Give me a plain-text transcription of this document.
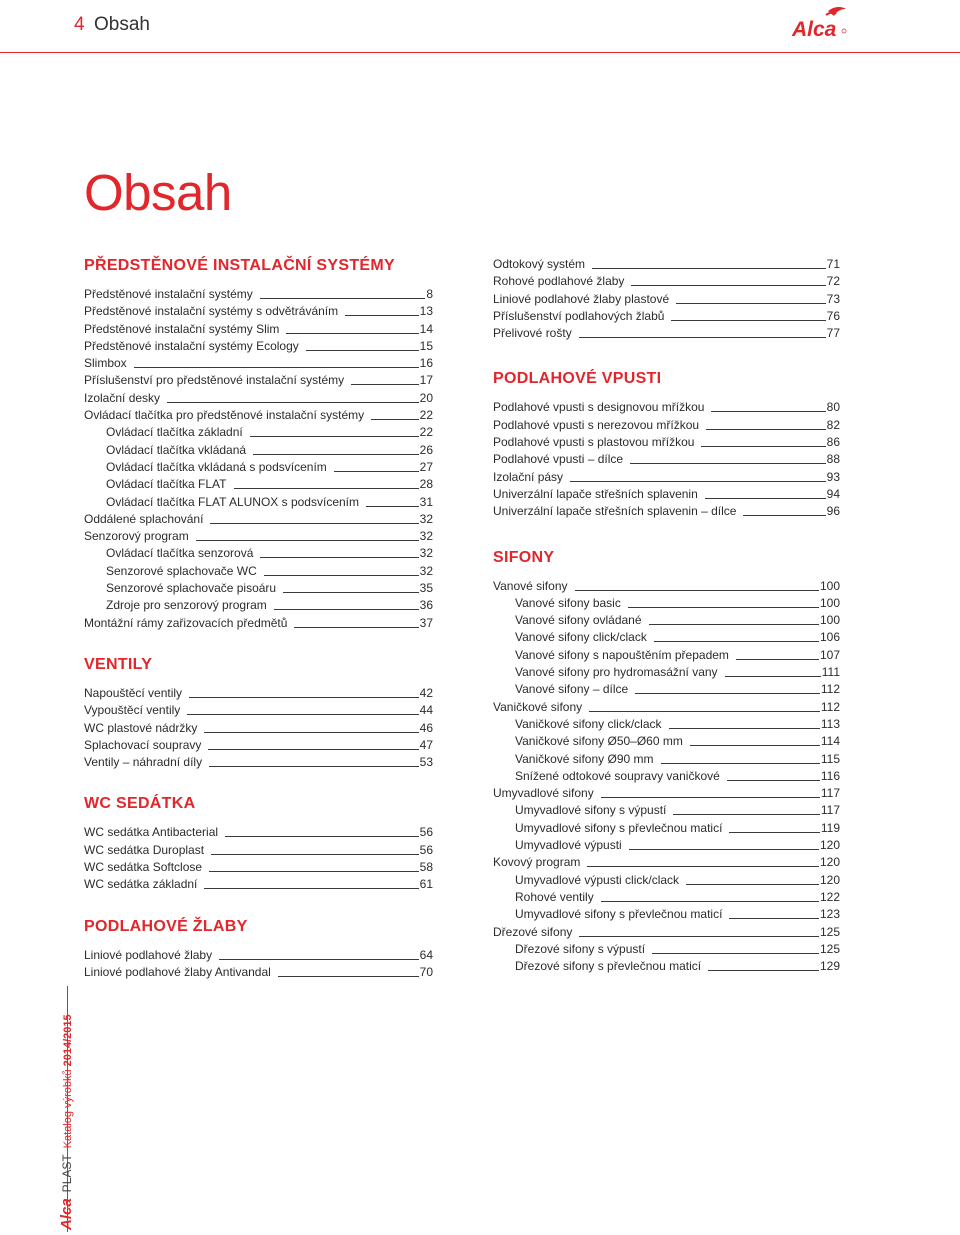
4 Obsah	Alca
Obsah
PŘEDSTĚNOVÉ INSTALAČNÍ SYSTÉMY
Předstěnové instalační systémy	8
Předstěnové instalační systémy s odvětráváním	13
Předstěnové instalační systémy Slim	14
Předstěnové instalační systémy Ecology	15
Slimbox	16
Příslušenství pro předstěnové instalační systémy	17
Izolační desky	20
Ovládací tlačítka pro předstěnové instalační systémy	22
Ovládací tlačítka základní	22
Ovládací tlačítka vkládaná	26
Ovládací tlačítka vkládaná s podsvícením	27
Ovládací tlačítka FLAT	28
Ovládací tlačítka FLAT ALUNOX s podsvícením	31
Oddálené splachování	32
Senzorový program	32
Ovládací tlačítka senzorová	32
Senzorové splachovače WC	32
Senzorové splachovače pisoáru	35
Zdroje pro senzorový program	36
Montážní rámy zařizovacích předmětů	37
VENTILY
Napouštěcí ventily	42
Vypouštěcí ventily	44
WC plastové nádržky	46
Splachovací soupravy	47
Ventily – náhradní díly	53
WC SEDÁTKA
WC sedátka Antibacterial	56
WC sedátka Duroplast	56
WC sedátka Softclose	58
WC sedátka základní	61
PODLAHOVÉ ŽLABY
Liniové podlahové žlaby	64
Liniové podlahové žlaby Antivandal	70
Odtokový systém	71
Rohové podlahové žlaby	72
Liniové podlahové žlaby plastové	73
Příslušenství podlahových žlabů	76
Přelivové rošty	77
PODLAHOVÉ VPUSTI
Podlahové vpusti s designovou mřížkou	80
Podlahové vpusti s nerezovou mřížkou	82
Podlahové vpusti s plastovou mřížkou	86
Podlahové vpusti – dílce	88
Izolační pásy	93
Univerzální lapače střešních splavenin	94
Univerzální lapače střešních splavenin – dílce	96
SIFONY
Vanové sifony	100
Vanové sifony basic	100
Vanové sifony ovládané	100
Vanové sifony click/clack	106
Vanové sifony s napouštěním přepadem	107
Vanové sifony pro hydromasážní vany	111
Vanové sifony – dílce	112
Vaničkové sifony	112
Vaničkové sifony click/clack	113
Vaničkové sifony Ø50–Ø60 mm	114
Vaničkové sifony Ø90 mm	115
Snížené odtokové soupravy vaničkové	116
Umyvadlové sifony	117
Umyvadlové sifony s výpustí	117
Umyvadlové sifony s převlečnou maticí	119
Umyvadlové výpusti	120
Kovový program	120
Umyvadlové výpusti click/clack	120
Rohové ventily	122
Umyvadlové sifony s převlečnou maticí	123
Dřezové sifony	125
Dřezové sifony s výpustí	125
Dřezové sifony s převlečnou maticí	129
Alca
PLAST
Katalog výrobků 2014/2015
